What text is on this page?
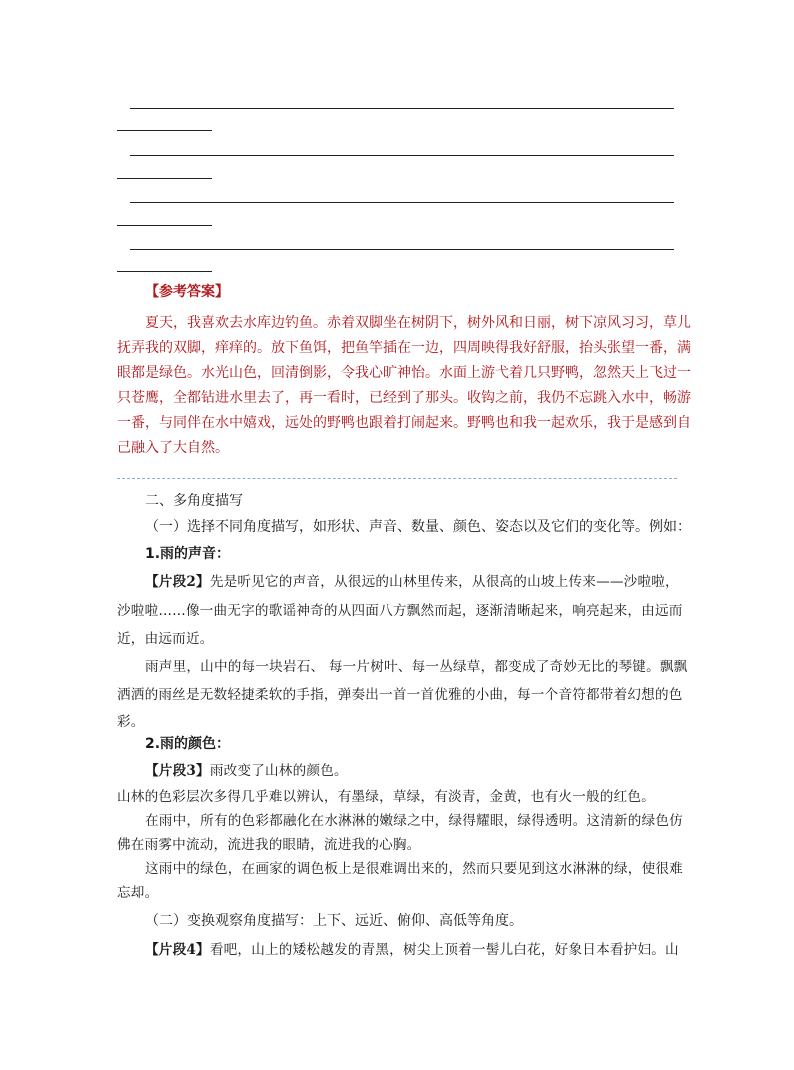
【参考答案】
夏天，我喜欢去水库边钓鱼。赤着双脚坐在树阴下，树外风和日丽，树下凉风习习，草儿
抚弄我的双脚，痒痒的。放下鱼饵，把鱼竿插在一边，四周映得我好舒服，抬头张望一番，满
眼都是绿色。水光山色，回清倒影，令我心旷神怡。水面上游弋着几只野鸭，忽然天上飞过一
只苍鹰，全都钻进水里去了，再一看时，已经到了那头。收钩之前，我仍不忘跳入水中，畅游
一番，与同伴在水中嬉戏，远处的野鸭也跟着打闹起来。野鸭也和我一起欢乐，我于是感到自
己融入了大自然。
二、多角度描写
（一）选择不同角度描写，如形状、声音、数量、颜色、姿态以及它们的变化等。例如：
1.雨的声音：
【片段2】先是听见它的声音，从很远的山林里传来，从很高的山坡上传来——沙啦啦，
沙啦啦……像一曲无字的歌谣神奇的从四面八方飘然而起，逐渐清晰起来，响亮起来，由远而
近，由远而近。
雨声里，山中的每一块岩石、 每一片树叶、每一丛绿草，都变成了奇妙无比的琴键。飘飘
洒洒的雨丝是无数轻捷柔软的手指，弹奏出一首一首优雅的小曲，每一个音符都带着幻想的色
彩。
2.雨的颜色：
【片段3】雨改变了山林的颜色。
山林的色彩层次多得几乎难以辨认，有墨绿，草绿，有淡青，金黄，也有火一般的红色。
在雨中，所有的色彩都融化在水淋淋的嫩绿之中，绿得耀眼，绿得透明。这清新的绿色仿
佛在雨雾中流动，流进我的眼睛，流进我的心胸。
这雨中的绿色，在画家的调色板上是很难调出来的，然而只要见到这水淋淋的绿，使很难
忘却。
（二）变换观察角度描写：上下、远近、俯仰、高低等角度。
【片段4】看吧，山上的矮松越发的青黑，树尖上顶着一髻儿白花，好象日本看护妇。山
